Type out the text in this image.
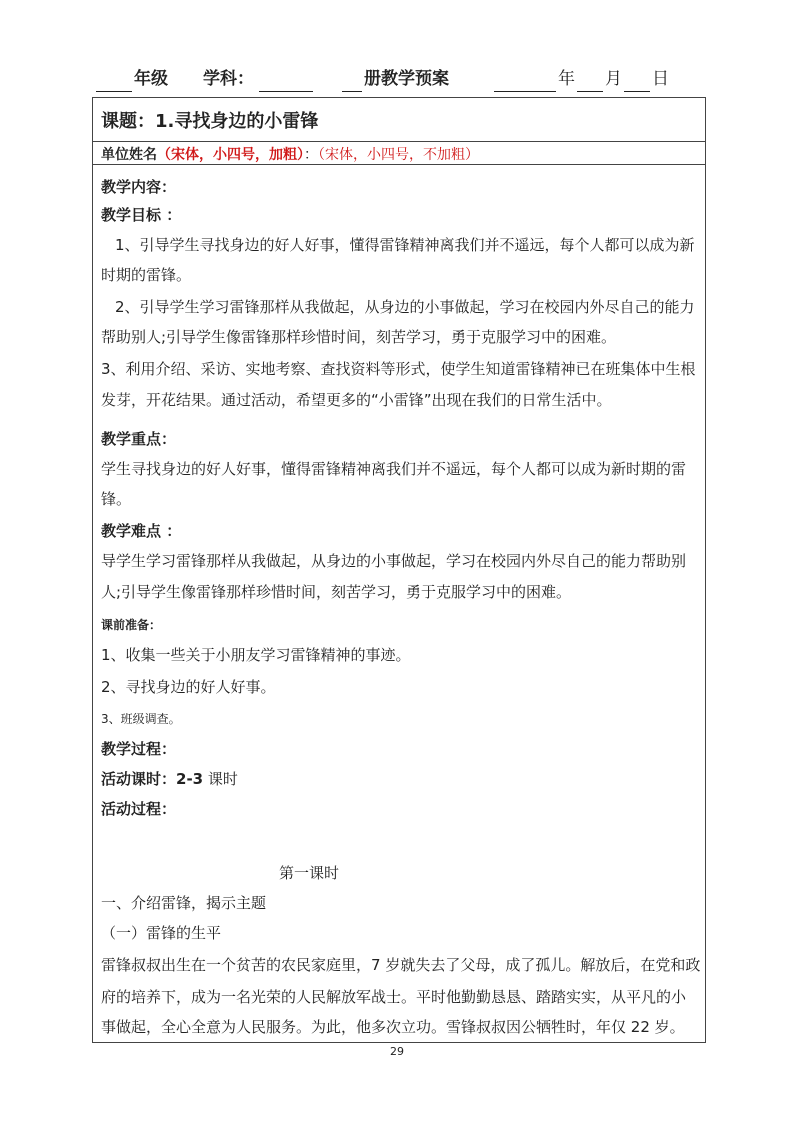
年级 学科：	册教学预案	年 月 日
课题：1.寻找身边的小雷锋
单位姓名（宋体，小四号，加粗）：（宋体，小四号，不加粗）
教学内容：
教学目标 ：
1、引导学生寻找身边的好人好事，懂得雷锋精神离我们并不遥远，每个人都可以成为新
时期的雷锋。
2、引导学生学习雷锋那样从我做起，从身边的小事做起，学习在校园内外尽自己的能力
帮助别人;引导学生像雷锋那样珍惜时间，刻苦学习，勇于克服学习中的困难。
3、利用介绍、采访、实地考察、查找资料等形式，使学生知道雷锋精神已在班集体中生根
发芽，开花结果。通过活动，希望更多的“小雷锋”出现在我们的日常生活中。
教学重点：
学生寻找身边的好人好事，懂得雷锋精神离我们并不遥远，每个人都可以成为新时期的雷
锋。
教学难点 ：
导学生学习雷锋那样从我做起，从身边的小事做起，学习在校园内外尽自己的能力帮助别
人;引导学生像雷锋那样珍惜时间，刻苦学习，勇于克服学习中的困难。
课前准备：
1、收集一些关于小朋友学习雷锋精神的事迹。
2、寻找身边的好人好事。
3、班级调查。
教学过程：
活动课时：2-3 课时
活动过程：
第一课时
一、介绍雷锋，揭示主题
（一）雷锋的生平
雷锋叔叔出生在一个贫苦的农民家庭里，7 岁就失去了父母，成了孤儿。解放后，在党和政
府的培养下，成为一名光荣的人民解放军战士。平时他勤勤恳恳、踏踏实实，从平凡的小
事做起，全心全意为人民服务。为此，他多次立功。雪锋叔叔因公牺牲时，年仅 22 岁。
29
